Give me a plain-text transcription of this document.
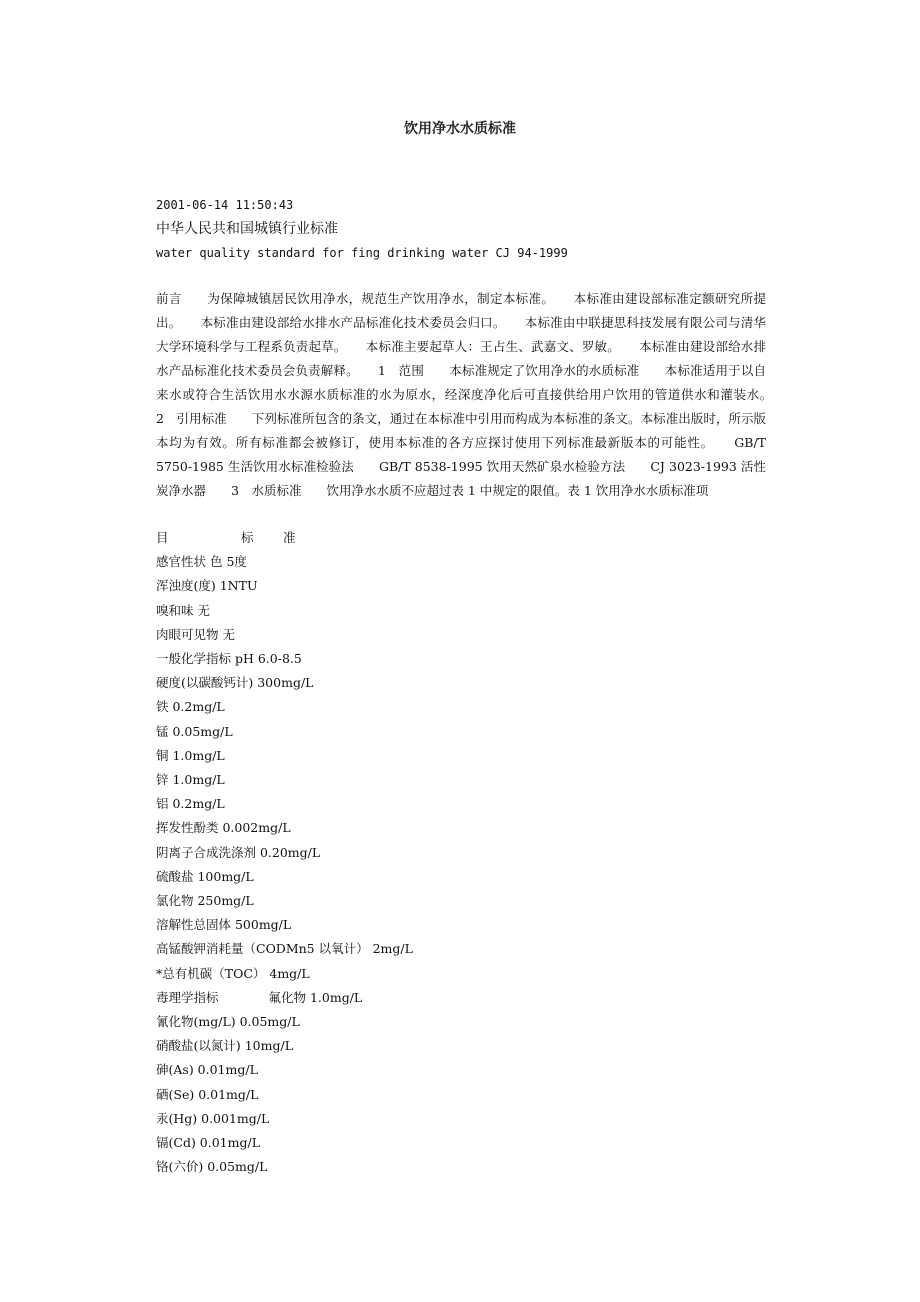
饮用净水水质标准
2001-06-14 11:50:43
中华人民共和国城镇行业标准
water quality standard for fing drinking water CJ 94-1999
前言　　为保障城镇居民饮用净水，规范生产饮用净水，制定本标准。　　本标准由建设部标准定额研究所提出。　　本标准由建设部给水排水产品标准化技术委员会归口。　　本标准由中联捷思科技发展有限公司与清华大学环境科学与工程系负责起草。　　本标准主要起草人：王占生、武嘉文、罗敏。　　本标准由建设部给水排水产品标准化技术委员会负责解释。　　1　范围　　本标准规定了饮用净水的水质标准　　本标准适用于以自来水或符合生活饮用水水源水质标准的水为原水，经深度净化后可直接供给用户饮用的管道供水和灌装水。　　2　引用标准　　下列标准所包含的条文，通过在本标准中引用而构成为本标准的条文。本标准出版时，所示版本均为有效。所有标准都会被修订，使用本标准的各方应探讨使用下列标准最新版本的可能性。　　GB/T 5750-1985 生活饮用水标准检验法　　GB/T 8538-1995 饮用天然矿泉水检验方法　　CJ 3023-1993 活性炭净水器　　3　水质标准　　饮用净水水质不应超过表 1 中规定的限值。表 1 饮用净水水质标准项
目	标 准
感官性状 色 5度
浑浊度(度) 1NTU
嗅和味 无
肉眼可见物 无
一般化学指标 pH 6.0-8.5
硬度(以碳酸钙计) 300mg/L
铁 0.2mg/L
锰 0.05mg/L
铜 1.0mg/L
锌 1.0mg/L
铝 0.2mg/L
挥发性酚类 0.002mg/L
阴离子合成洗涤剂 0.20mg/L
硫酸盐 100mg/L
氯化物 250mg/L
溶解性总固体 500mg/L
高锰酸钾消耗量（CODMn5 以氧计） 2mg/L
*总有机碳（TOC） 4mg/L
毒理学指标　　　　氟化物 1.0mg/L
氰化物(mg/L) 0.05mg/L
硝酸盐(以氮计) 10mg/L
砷(As) 0.01mg/L
硒(Se) 0.01mg/L
汞(Hg) 0.001mg/L
镉(Cd) 0.01mg/L
铬(六价) 0.05mg/L
